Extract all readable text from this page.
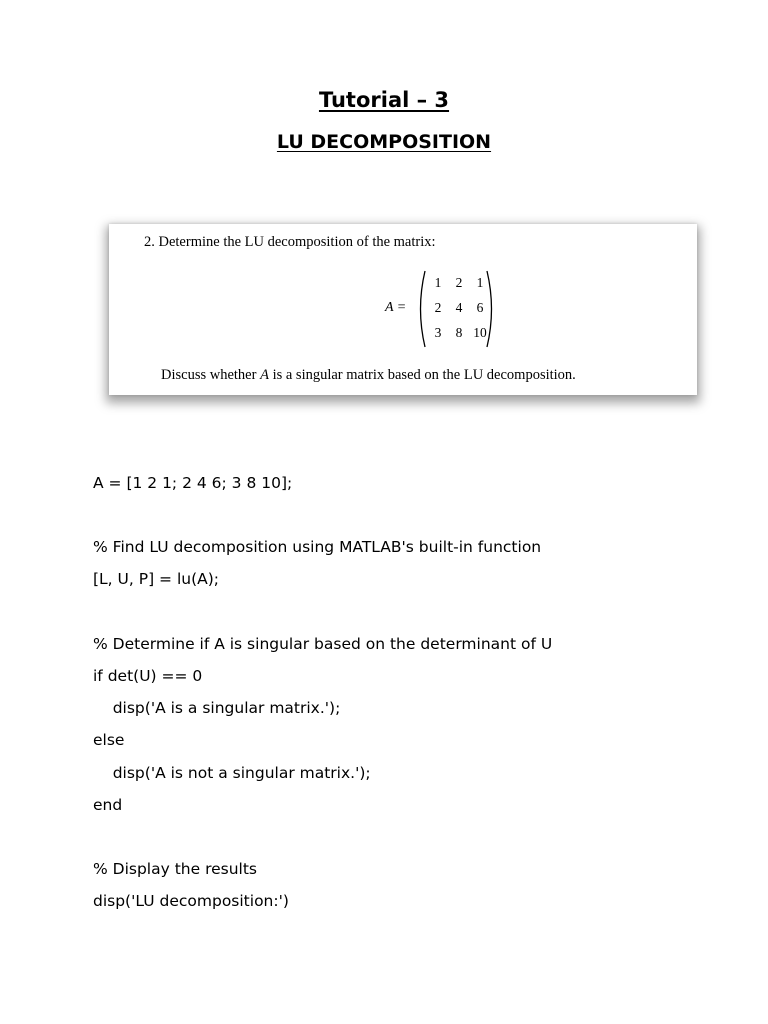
Tutorial – 3
LU DECOMPOSITION
2. Determine the LU decomposition of the matrix:
A =
1	2	1
2	4	6
3	8 10
Discuss whether A is a singular matrix based on the LU decomposition.

A = [1 2 1; 2 4 6; 3 8 10];

% Find LU decomposition using MATLAB's built-in function

[L, U, P] = lu(A);

% Determine if A is singular based on the determinant of U

if det(U) == 0

disp('A is a singular matrix.');

else

disp('A is not a singular matrix.');

end

% Display the results

disp('LU decomposition:')
